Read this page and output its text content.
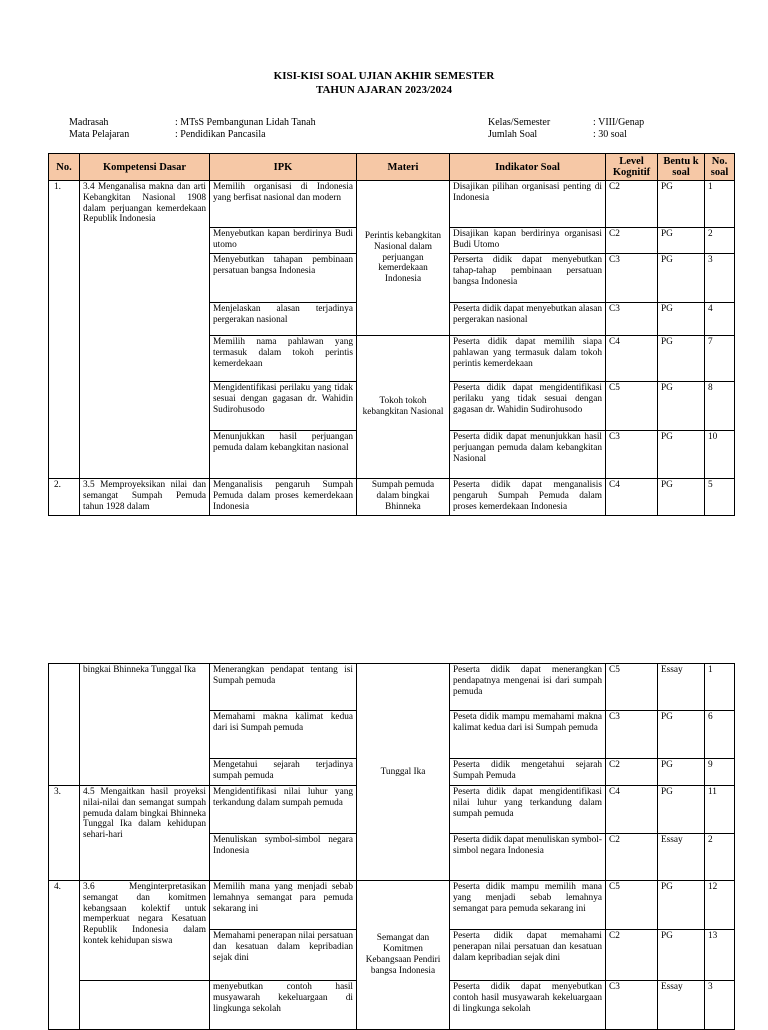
KISI-KISI SOAL UJIAN AKHIR SEMESTER
TAHUN AJARAN 2023/2024
Madrasah	: MTsS Pembangunan Lidah Tanah
Mata Pelajaran	: Pendidikan Pancasila
Kelas/Semester	: VIII/Genap
Jumlah Soal	: 30 soal
No.	Kompetensi Dasar	IPK	Materi	Indikator Soal	Level Kognitif	Bentu k soal	No. soal
1.	3.4 Menganalisa makna dan arti Kebangkitan Nasional 1908 dalam perjuangan kemerdekaan Republik Indonesia	Memilih organisasi di Indonesia yang berfisat nasional dan modern	Perintis kebangkitan Nasional dalam perjuangan kemerdekaan Indonesia	Disajikan pilihan organisasi penting di Indonesia	C2	PG	1
		Menyebutkan kapan berdirinya Budi utomo		Disajikan kapan berdirinya organisasi Budi Utomo	C2	PG	2
		Menyebutkan tahapan pembinaan persatuan bangsa Indonesia		Perserta didik dapat menyebutkan tahap-tahap pembinaan persatuan bangsa Indonesia	C3	PG	3
		Menjelaskan alasan terjadinya pergerakan nasional		Peserta didik dapat menyebutkan alasan pergerakan nasional	C3	PG	4
		Memilih nama pahlawan yang termasuk dalam tokoh perintis kemerdekaan	Tokoh tokoh kebangkitan Nasional	Peserta didik dapat memilih siapa pahlawan yang termasuk dalam tokoh perintis kemerdekaan	C4	PG	7
		Mengidentifikasi perilaku yang tidak sesuai dengan gagasan dr. Wahidin Sudirohusodo		Peserta didik dapat mengidentifikasi perilaku yang tidak sesuai dengan gagasan dr. Wahidin Sudirohusodo	C5	PG	8
		Menunjukkan hasil perjuangan pemuda dalam kebangkitan nasional		Peserta didik dapat menunjukkan hasil perjuangan pemuda dalam kebangkitan Nasional	C3	PG	10
2.	3.5 Memproyeksikan nilai dan semangat Sumpah Pemuda tahun 1928 dalam	Menganalisis pengaruh Sumpah Pemuda dalam proses kemerdekaan Indonesia	Sumpah pemuda dalam bingkai Bhinneka	Peserta didik dapat menganalisis pengaruh Sumpah Pemuda dalam proses kemerdekaan Indonesia	C4	PG	5
	bingkai Bhinneka Tunggal Ika	Menerangkan pendapat tentang isi Sumpah pemuda	Tunggal Ika	Peserta didik dapat menerangkan pendapatnya mengenai isi dari sumpah pemuda	C5	Essay	1
		Memahami makna kalimat kedua dari isi Sumpah pemuda		Peseta didik mampu memahami makna kalimat kedua dari isi Sumpah pemuda	C3	PG	6
		Mengetahui sejarah terjadinya sumpah pemuda		Peserta didik mengetahui sejarah Sumpah Pemuda	C2	PG	9
3.	4.5 Mengaitkan hasil proyeksi nilai-nilai dan semangat sumpah pemuda dalam bingkai Bhinneka Tunggal Ika dalam kehidupan sehari-hari	Mengidentifikasi nilai luhur yang terkandung dalam sumpah pemuda		Peserta didik dapat mengidentifikasi nilai luhur yang terkandung dalam sumpah pemuda	C4	PG	11
		Menuliskan symbol-simbol negara Indonesia		Peserta didik dapat menuliskan symbol-simbol negara Indonesia	C2	Essay	2
4.	3.6 Menginterpretasikan semangat dan komitmen kebangsaan kolektif untuk memperkuat negara Kesatuan Republik Indonesia dalam kontek kehidupan siswa	Memilih mana yang menjadi sebab lemahnya semangat para pemuda sekarang ini	Semangat dan Komitmen Kebangsaan Pendiri bangsa Indonesia	Peserta didik mampu memilih mana yang menjadi sebab lemahnya semangat para pemuda sekarang ini	C5	PG	12
		Memahami penerapan nilai persatuan dan kesatuan dalam kepribadian sejak dini		Peserta didik dapat memahami penerapan nilai persatuan dan kesatuan dalam kepribadian sejak dini	C2	PG	13
		menyebutkan contoh hasil musyawarah kekeluargaan di lingkunga sekolah		Peserta didik dapat menyebutkan contoh hasil musyawarah kekeluargaan di lingkunga sekolah	C3	Essay	3
